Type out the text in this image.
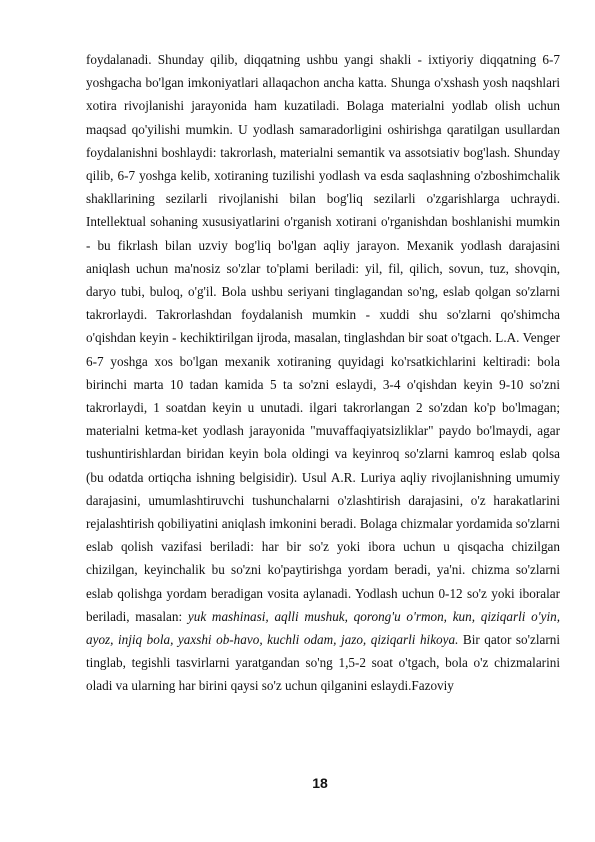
foydalanadi. Shunday qilib, diqqatning ushbu yangi shakli - ixtiyoriy diqqatning 6-7 yoshgacha bo'lgan imkoniyatlari allaqachon ancha katta. Shunga o'xshash yosh naqshlari xotira rivojlanishi jarayonida ham kuzatiladi. Bolaga materialni yodlab olish uchun maqsad qo'yilishi mumkin. U yodlash samaradorligini oshirishga qaratilgan usullardan foydalanishni boshlaydi: takrorlash, materialni semantik va assotsiativ bog'lash. Shunday qilib, 6-7 yoshga kelib, xotiraning tuzilishi yodlash va esda saqlashning o'zboshimchalik shakllarining sezilarli rivojlanishi bilan bog'liq sezilarli o'zgarishlarga uchraydi. Intellektual sohaning xususiyatlarini o'rganish xotirani o'rganishdan boshlanishi mumkin - bu fikrlash bilan uzviy bog'liq bo'lgan aqliy jarayon. Mexanik yodlash darajasini aniqlash uchun ma'nosiz so'zlar to'plami beriladi: yil, fil, qilich, sovun, tuz, shovqin, daryo tubi, buloq, o'g'il. Bola ushbu seriyani tinglagandan so'ng, eslab qolgan so'zlarni takrorlaydi. Takrorlashdan foydalanish mumkin - xuddi shu so'zlarni qo'shimcha o'qishdan keyin - kechiktirilgan ijroda, masalan, tinglashdan bir soat o'tgach. L.A. Venger 6-7 yoshga xos bo'lgan mexanik xotiraning quyidagi ko'rsatkichlarini keltiradi: bola birinchi marta 10 tadan kamida 5 ta so'zni eslaydi, 3-4 o'qishdan keyin 9-10 so'zni takrorlaydi, 1 soatdan keyin u unutadi. ilgari takrorlangan 2 so'zdan ko'p bo'lmagan; materialni ketma-ket yodlash jarayonida "muvaffaqiyatsizliklar" paydo bo'lmaydi, agar tushuntirishlardan biridan keyin bola oldingi va keyinroq so'zlarni kamroq eslab qolsa (bu odatda ortiqcha ishning belgisidir). Usul A.R. Luriya aqliy rivojlanishning umumiy darajasini, umumlashtiruvchi tushunchalarni o'zlashtirish darajasini, o'z harakatlarini rejalashtirish qobiliyatini aniqlash imkonini beradi. Bolaga chizmalar yordamida so'zlarni eslab qolish vazifasi beriladi: har bir so'z yoki ibora uchun u qisqacha chizilgan chizilgan, keyinchalik bu so'zni ko'paytirishga yordam beradi, ya'ni. chizma so'zlarni eslab qolishga yordam beradigan vosita aylanadi. Yodlash uchun 0-12 so'z yoki iboralar beriladi, masalan: yuk mashinasi, aqlli mushuk, qorong'u o'rmon, kun, qiziqarli o'yin, ayoz, injiq bola, yaxshi ob-havo, kuchli odam, jazo, qiziqarli hikoya. Bir qator so'zlarni tinglab, tegishli tasvirlarni yaratgandan so'ng 1,5-2 soat o'tgach, bola o'z chizmalarini oladi va ularning har birini qaysi so'z uchun qilganini eslaydi.Fazoviy

18
